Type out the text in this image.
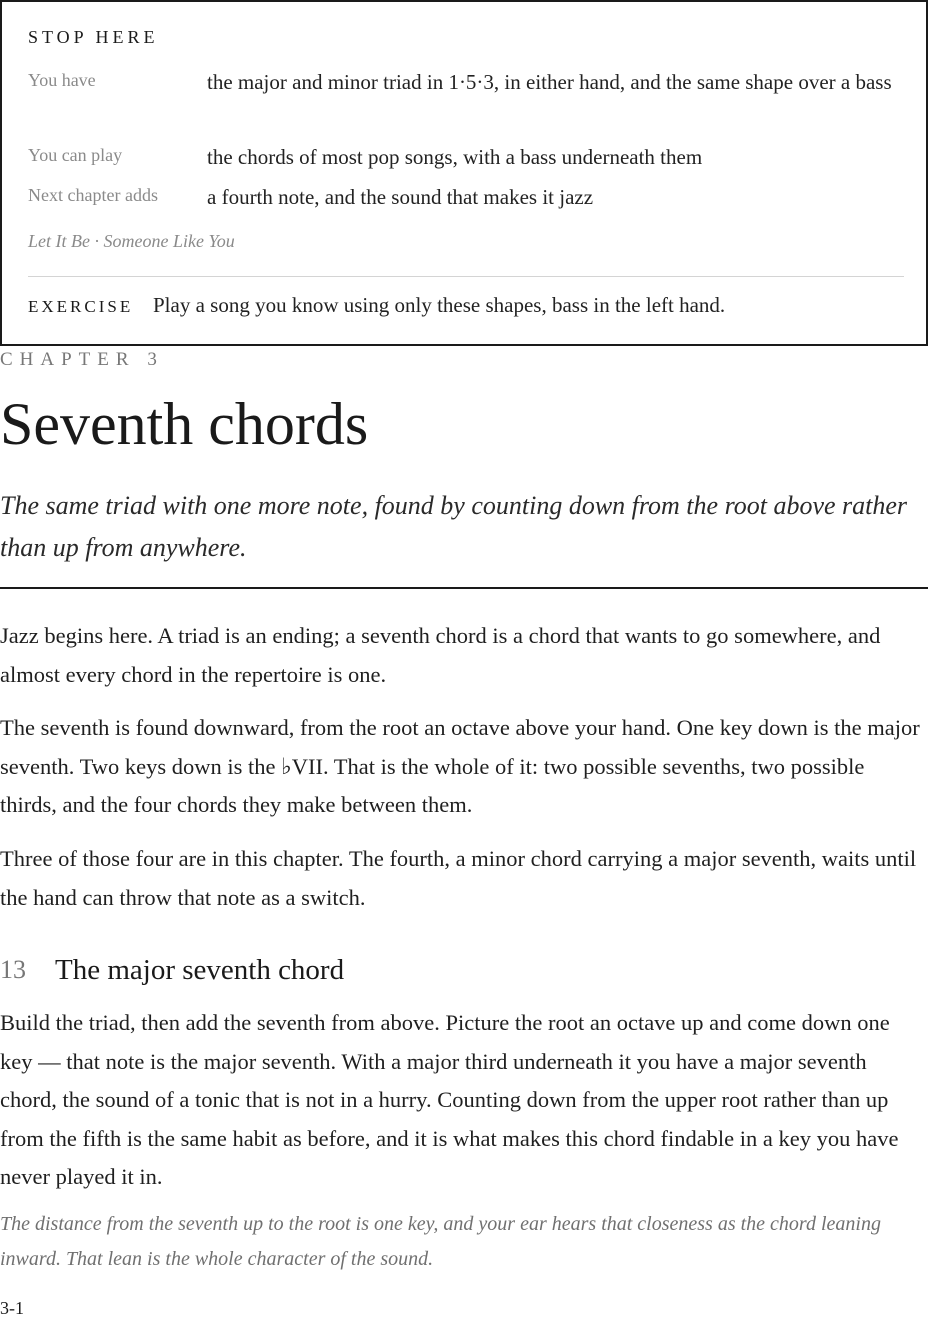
STOP HERE
You have	the major and minor triad in 1·5·3, in either hand, and the same shape over a bass
You can play	the chords of most pop songs, with a bass underneath them
Next chapter adds a fourth note, and the sound that makes it jazz
Let It Be · Someone Like You
EXERCISE Play a song you know using only these shapes, bass in the left hand.
CHAPTER 3
Seventh chords
The same triad with one more note, found by counting down from the root above rather than up from anywhere.

Jazz begins here. A triad is an ending; a seventh chord is a chord that wants to go somewhere, and almost every chord in the repertoire is one.

The seventh is found downward, from the root an octave above your hand. One key down is the major seventh. Two keys down is the ♭VII. That is the whole of it: two possible sevenths, two possible thirds, and the four chords they make between them.

Three of those four are in this chapter. The fourth, a minor chord carrying a major seventh, waits until the hand can throw that note as a switch.

13 The major seventh chord

Build the triad, then add the seventh from above. Picture the root an octave up and come down one key — that note is the major seventh. With a major third underneath it you have a major seventh chord, the sound of a tonic that is not in a hurry. Counting down from the upper root rather than up from the fifth is the same habit as before, and it is what makes this chord findable in a key you have never played it in.

The distance from the seventh up to the root is one key, and your ear hears that closeness as the chord leaning inward. That lean is the whole character of the sound.
3-1
